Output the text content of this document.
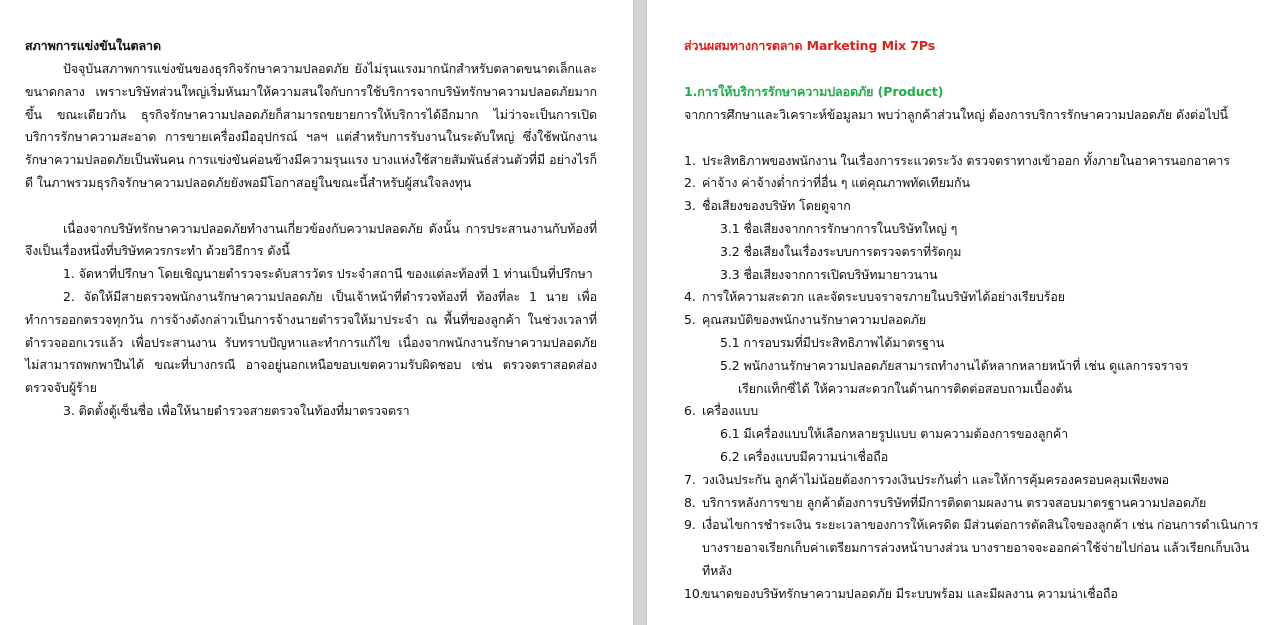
สภาพการแข่งขันในตลาด

ปัจจุบันสภาพการแข่งขันของธุรกิจรักษาความปลอดภัย ยังไม่รุนแรงมากนักสำหรับตลาดขนาดเล็กและขนาดกลาง เพราะบริษัทส่วนใหญ่เริ่มหันมาให้ความสนใจกับการใช้บริการจากบริษัทรักษาความปลอดภัยมากขึ้น ขณะเดียวกัน ธุรกิจรักษาความปลอดภัยก็สามารถขยายการให้บริการได้อีกมาก ไม่ว่าจะเป็นการเปิดบริการรักษาความสะอาด การขายเครื่องมืออุปกรณ์ ฯลฯ แต่สำหรับการรับงานในระดับใหญ่ ซึ่งใช้พนักงานรักษาความปลอดภัยเป็นพันคน การแข่งขันค่อนข้างมีความรุนแรง บางแห่งใช้สายสัมพันธ์ส่วนตัวที่มี อย่างไรก็ดี ในภาพรวมธุรกิจรักษาความปลอดภัยยังพอมีโอกาสอยู่ในขณะนี้สำหรับผู้สนใจลงทุน

เนื่องจากบริษัทรักษาความปลอดภัยทำงานเกี่ยวข้องกับความปลอดภัย ดังนั้น การประสานงานกับท้องที่จึงเป็นเรื่องหนึ่งที่บริษัทควรกระทำ ด้วยวิธีการ ดังนี้

1. จัดหาที่ปรึกษา โดยเชิญนายตำรวจระดับสารวัตร ประจำสถานี ของแต่ละท้องที่ 1 ท่านเป็นที่ปรึกษา

2. จัดให้มีสายตรวจพนักงานรักษาความปลอดภัย เป็นเจ้าหน้าที่ตำรวจท้องที่ ท้องที่ละ 1 นาย เพื่อทำการออกตรวจทุกวัน การจ้างดังกล่าวเป็นการจ้างนายตำรวจให้มาประจำ ณ พื้นที่ของลูกค้า ในช่วงเวลาที่ตำรวจออกเวรแล้ว เพื่อประสานงาน รับทราบปัญหาและทำการแก้ไข เนื่องจากพนักงานรักษาความปลอดภัยไม่สามารถพกพาปืนได้ ขณะที่บางกรณี อาจอยู่นอกเหนือขอบเขตความรับผิดชอบ เช่น ตรวจตราสอดส่อง ตรวจจับผู้ร้าย

3. ติดตั้งตู้เซ็นชื่อ เพื่อให้นายตำรวจสายตรวจในท้องที่มาตรวจตรา

ส่วนผสมทางการตลาด Marketing Mix 7Ps
1.การให้บริการรักษาความปลอดภัย (Product)
จากการศึกษาและวิเคราะห์ข้อมูลมา พบว่าลูกค้าส่วนใหญ่ ต้องการบริการรักษาความปลอดภัย ดังต่อไปนี้
1. ประสิทธิภาพของพนักงาน ในเรื่องการระแวดระวัง ตรวจตราทางเข้าออก ทั้งภายในอาคารนอกอาคาร
2. ค่าจ้าง ค่าจ้างต่ำกว่าที่อื่น ๆ แต่คุณภาพทัดเทียมกัน
3. ชื่อเสียงของบริษัท โดยดูจาก
3.1 ชื่อเสียงจากการรักษาการในบริษัทใหญ่ ๆ
3.2 ชื่อเสียงในเรื่องระบบการตรวจตราที่รัดกุม
3.3 ชื่อเสียงจากการเปิดบริษัทมายาวนาน
4. การให้ความสะดวก และจัดระบบจราจรภายในบริษัทได้อย่างเรียบร้อย
5. คุณสมบัติของพนักงานรักษาความปลอดภัย
5.1 การอบรมที่มีประสิทธิภาพได้มาตรฐาน
5.2 พนักงานรักษาความปลอดภัยสามารถทำงานได้หลากหลายหน้าที่ เช่น ดูแลการจราจร
เรียกแท็กซี่ได้ ให้ความสะดวกในด้านการติดต่อสอบถามเบื้องต้น
6. เครื่องแบบ
6.1 มีเครื่องแบบให้เลือกหลายรูปแบบ ตามความต้องการของลูกค้า
6.2 เครื่องแบบมีความน่าเชื่อถือ
7. วงเงินประกัน ลูกค้าไม่น้อยต้องการวงเงินประกันต่ำ และให้การคุ้มครองครอบคลุมเพียงพอ
8. บริการหลังการขาย ลูกค้าต้องการบริษัทที่มีการติดตามผลงาน ตรวจสอบมาตรฐานความปลอดภัย
9. เงื่อนไขการชำระเงิน ระยะเวลาของการให้เครดิต มีส่วนต่อการตัดสินใจของลูกค้า เช่น ก่อนการดำเนินการ บางรายอาจเรียกเก็บค่าเตรียมการล่วงหน้าบางส่วน บางรายอาจจะออกค่าใช้จ่ายไปก่อน แล้วเรียกเก็บเงินทีหลัง
10.
ขนาดของบริษัทรักษาความปลอดภัย มีระบบพร้อม และมีผลงาน ความน่าเชื่อถือ
